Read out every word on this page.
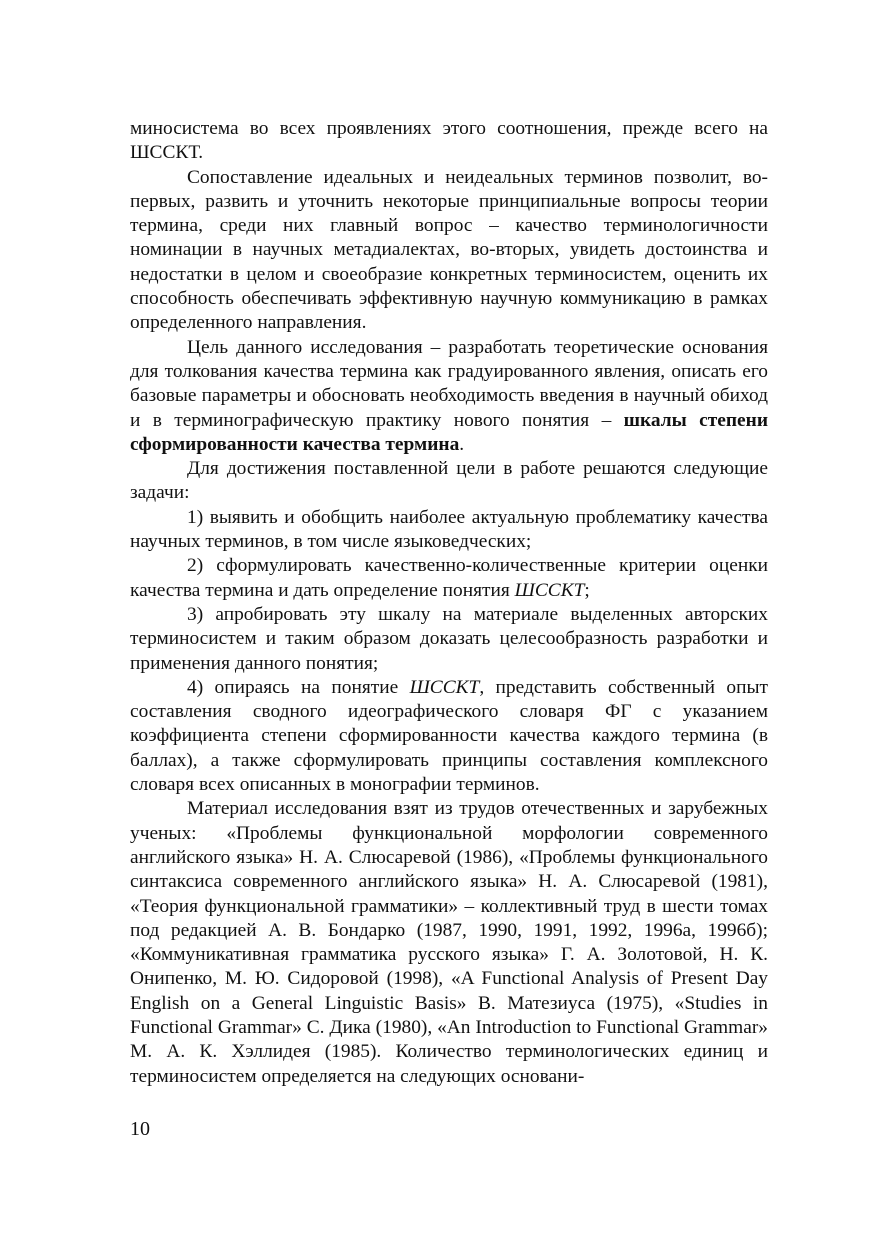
миносистема во всех проявлениях этого соотношения, прежде всего на ШСCКТ.

Сопоставление идеальных и неидеальных терминов позволит, во-первых, развить и уточнить некоторые принципиальные вопросы теории термина, среди них главный вопрос – качество терминологичности номинации в научных метадиалектах, во-вторых, увидеть достоинства и недостатки в целом и своеобразие конкретных терминосистем, оценить их способность обеспечивать эффективную научную коммуникацию в рамках определенного направления.

Цель данного исследования – разработать теоретические основания для толкования качества термина как градуированного явления, описать его базовые параметры и обосновать необходимость введения в научный обиход и в терминографическую практику нового понятия – шкалы степени сформированности качества термина.

Для достижения поставленной цели в работе решаются следующие задачи:

1) выявить и обобщить наиболее актуальную проблематику качества научных терминов, в том числе языковедческих;

2) сформулировать качественно-количественные критерии оценки качества термина и дать определение понятия ШСCКТ;

3) апробировать эту шкалу на материале выделенных авторских терминосистем и таким образом доказать целесообразность разработки и применения данного понятия;

4) опираясь на понятие ШСCКТ, представить собственный опыт составления сводного идеографического словаря ФГ с указанием коэффициента степени сформированности качества каждого термина (в баллах), а также сформулировать принципы составления комплексного словаря всех описанных в монографии терминов.

Материал исследования взят из трудов отечественных и зарубежных ученых: «Проблемы функциональной морфологии современного английского языка» Н. А. Слюсаревой (1986), «Проблемы функционального синтаксиса современного английского языка» Н. А. Слюсаревой (1981), «Теория функциональной грамматики» – коллективный труд в шести томах под редакцией А. В. Бондарко (1987, 1990, 1991, 1992, 1996а, 1996б); «Коммуникативная грамматика русского языка» Г. А. Золотовой, Н. К. Онипенко, М. Ю. Сидоровой (1998), «A Functional Analysis of Present Day English on a General Linguistic Basis» В. Матезиуса (1975), «Studies in Functional Grammar» С. Дика (1980), «An Introduction to Functional Grammar» М. А. К. Хэллидея (1985). Количество терминологических единиц и терминосистем определяется на следующих основани-

10
